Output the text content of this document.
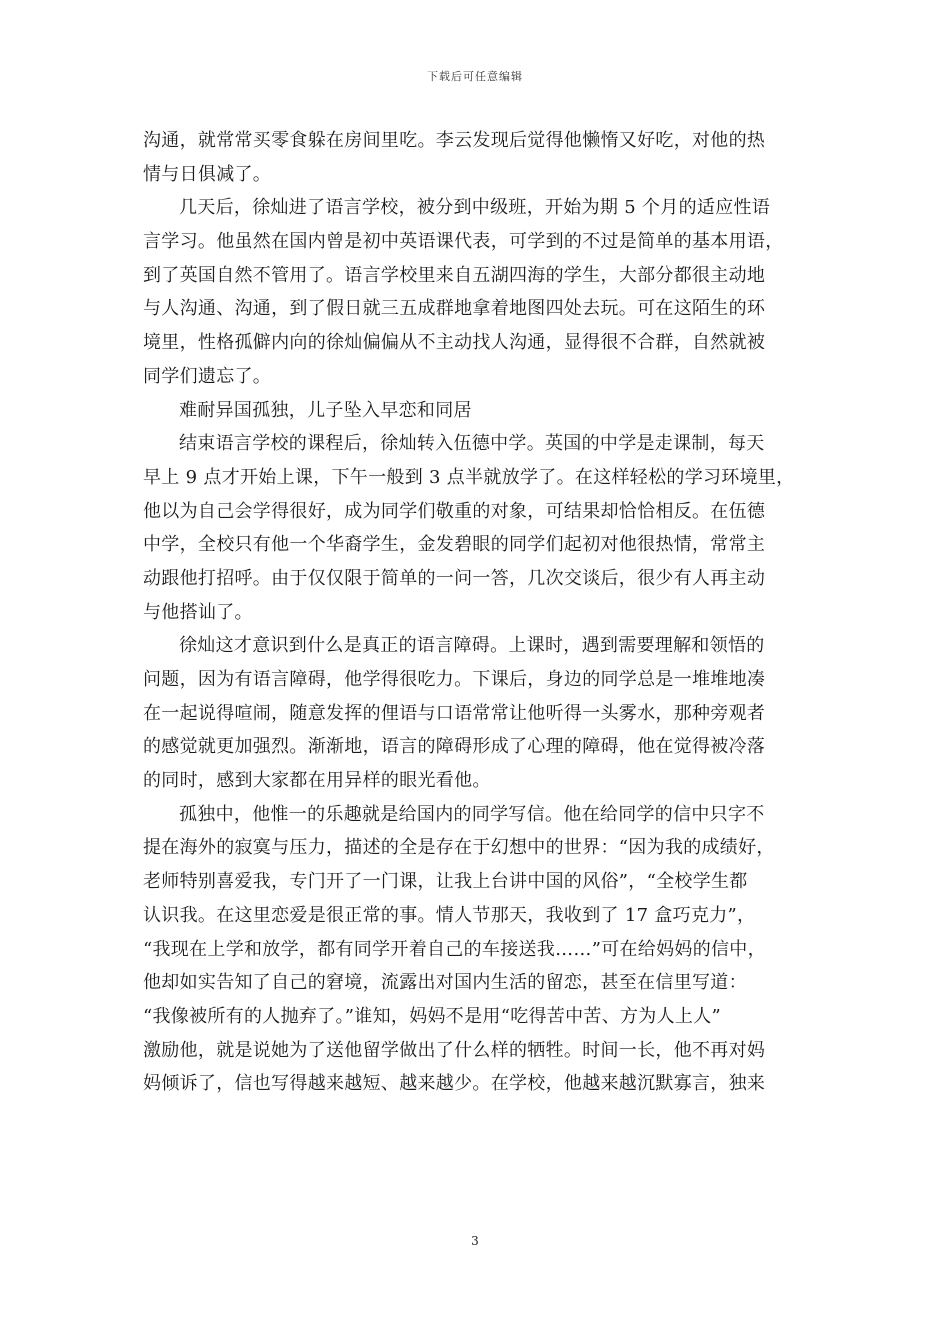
下载后可任意编辑
沟通，就常常买零食躲在房间里吃。李云发现后觉得他懒惰又好吃，对他的热
情与日俱减了。
几天后，徐灿进了语言学校，被分到中级班，开始为期 5 个月的适应性语
言学习。他虽然在国内曾是初中英语课代表，可学到的不过是简单的基本用语，
到了英国自然不管用了。语言学校里来自五湖四海的学生，大部分都很主动地
与人沟通、沟通，到了假日就三五成群地拿着地图四处去玩。可在这陌生的环
境里，性格孤僻内向的徐灿偏偏从不主动找人沟通，显得很不合群，自然就被
同学们遗忘了。
难耐异国孤独，儿子坠入早恋和同居
结束语言学校的课程后，徐灿转入伍德中学。英国的中学是走课制，每天
早上 9 点才开始上课，下午一般到 3 点半就放学了。在这样轻松的学习环境里，
他以为自己会学得很好，成为同学们敬重的对象，可结果却恰恰相反。在伍德
中学，全校只有他一个华裔学生，金发碧眼的同学们起初对他很热情，常常主
动跟他打招呼。由于仅仅限于简单的一问一答，几次交谈后，很少有人再主动
与他搭讪了。
徐灿这才意识到什么是真正的语言障碍。上课时，遇到需要理解和领悟的
问题，因为有语言障碍，他学得很吃力。下课后，身边的同学总是一堆堆地凑
在一起说得喧闹，随意发挥的俚语与口语常常让他听得一头雾水，那种旁观者
的感觉就更加强烈。渐渐地，语言的障碍形成了心理的障碍，他在觉得被冷落
的同时，感到大家都在用异样的眼光看他。
孤独中，他惟一的乐趣就是给国内的同学写信。他在给同学的信中只字不
提在海外的寂寞与压力，描述的全是存在于幻想中的世界：“因为我的成绩好，
老师特别喜爱我，专门开了一门课，让我上台讲中国的风俗”，“全校学生都
认识我。在这里恋爱是很正常的事。情人节那天，我收到了 17 盒巧克力”，
“我现在上学和放学，都有同学开着自己的车接送我……”可在给妈妈的信中，
他却如实告知了自己的窘境，流露出对国内生活的留恋，甚至在信里写道：
“我像被所有的人抛弃了。”谁知，妈妈不是用“吃得苦中苦、方为人上人”
激励他，就是说她为了送他留学做出了什么样的牺牲。时间一长，他不再对妈
妈倾诉了，信也写得越来越短、越来越少。在学校，他越来越沉默寡言，独来
3
